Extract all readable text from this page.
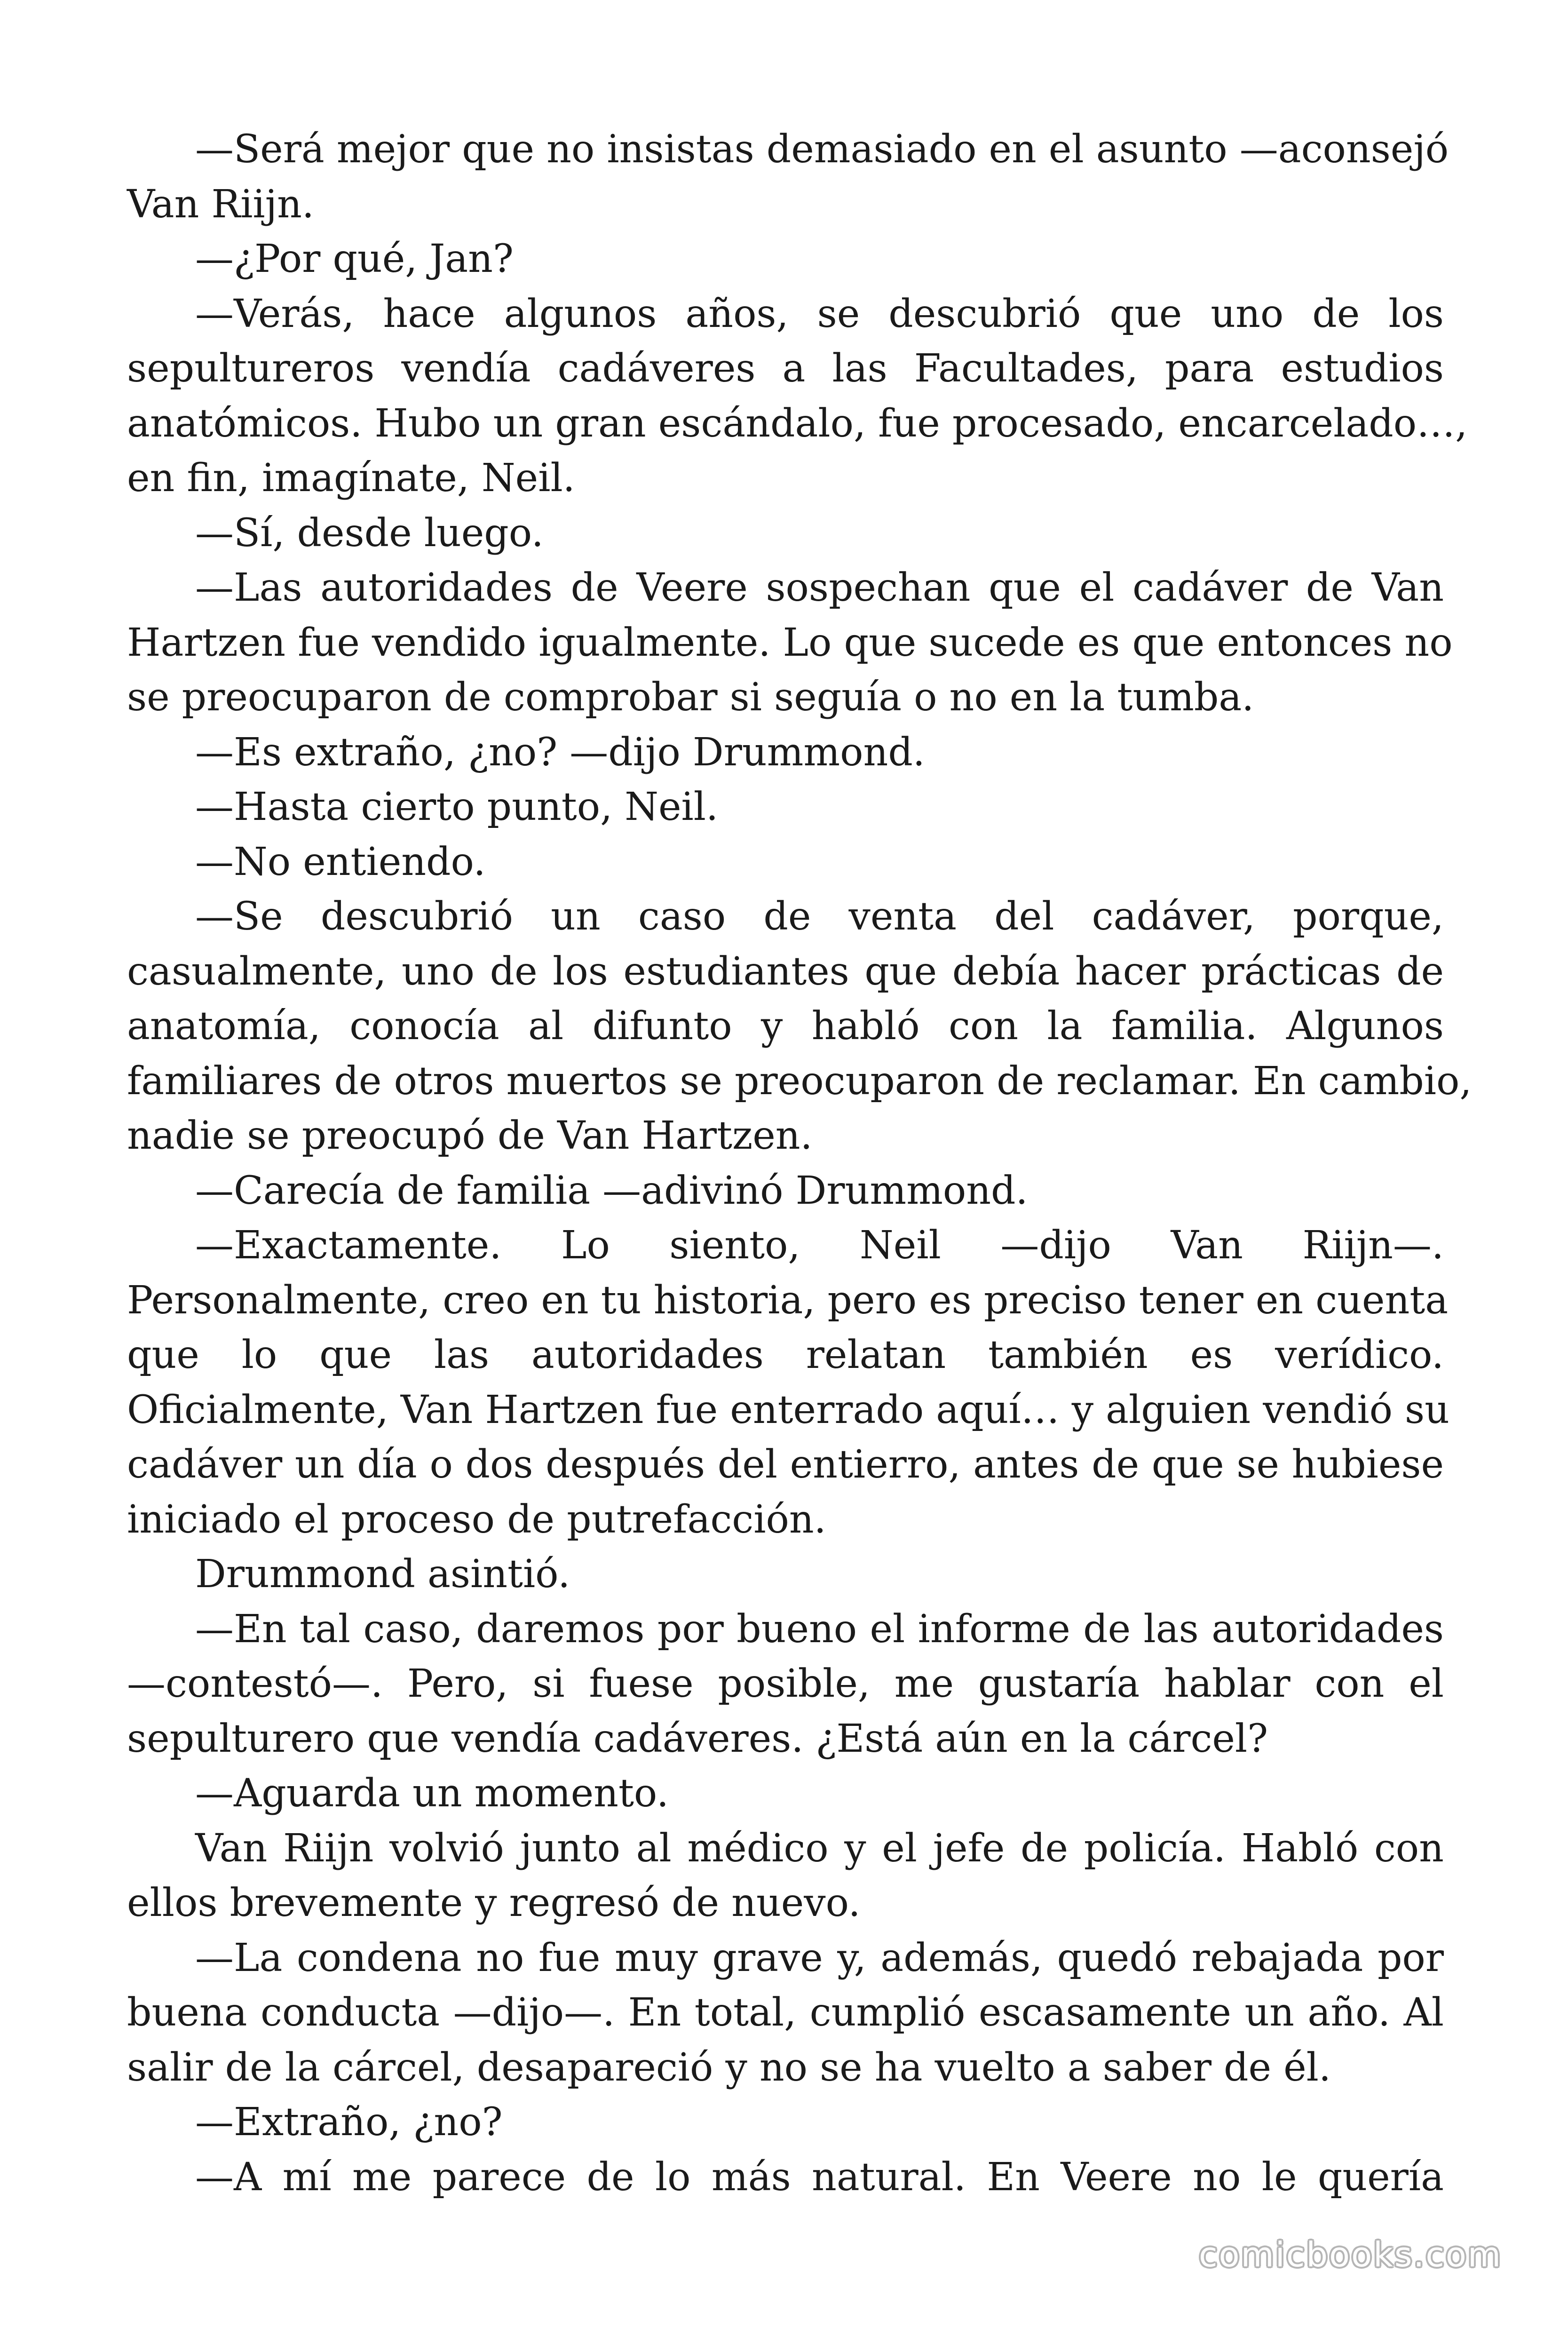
—Será mejor que no insistas demasiado en el asunto —aconsejó
Van Riijn.
—¿Por qué, Jan?
—Verás, hace algunos años, se descubrió que uno de los
sepultureros vendía cadáveres a las Facultades, para estudios
anatómicos. Hubo un gran escándalo, fue procesado, encarcelado…,
en fin, imagínate, Neil.
—Sí, desde luego.
—Las autoridades de Veere sospechan que el cadáver de Van
Hartzen fue vendido igualmente. Lo que sucede es que entonces no
se preocuparon de comprobar si seguía o no en la tumba.
—Es extraño, ¿no? —dijo Drummond.
—Hasta cierto punto, Neil.
—No entiendo.
—Se descubrió un caso de venta del cadáver, porque,
casualmente, uno de los estudiantes que debía hacer prácticas de
anatomía, conocía al difunto y habló con la familia. Algunos
familiares de otros muertos se preocuparon de reclamar. En cambio,
nadie se preocupó de Van Hartzen.
—Carecía de familia —adivinó Drummond.
—Exactamente. Lo siento, Neil —dijo Van Riijn—.
Personalmente, creo en tu historia, pero es preciso tener en cuenta
que lo que las autoridades relatan también es verídico.
Oficialmente, Van Hartzen fue enterrado aquí… y alguien vendió su
cadáver un día o dos después del entierro, antes de que se hubiese
iniciado el proceso de putrefacción.
Drummond asintió.
—En tal caso, daremos por bueno el informe de las autoridades
—contestó—. Pero, si fuese posible, me gustaría hablar con el
sepulturero que vendía cadáveres. ¿Está aún en la cárcel?
—Aguarda un momento.
Van Riijn volvió junto al médico y el jefe de policía. Habló con
ellos brevemente y regresó de nuevo.
—La condena no fue muy grave y, además, quedó rebajada por
buena conducta —dijo—. En total, cumplió escasamente un año. Al
salir de la cárcel, desapareció y no se ha vuelto a saber de él.
—Extraño, ¿no?
—A mí me parece de lo más natural. En Veere no le quería
comicbooks.com
